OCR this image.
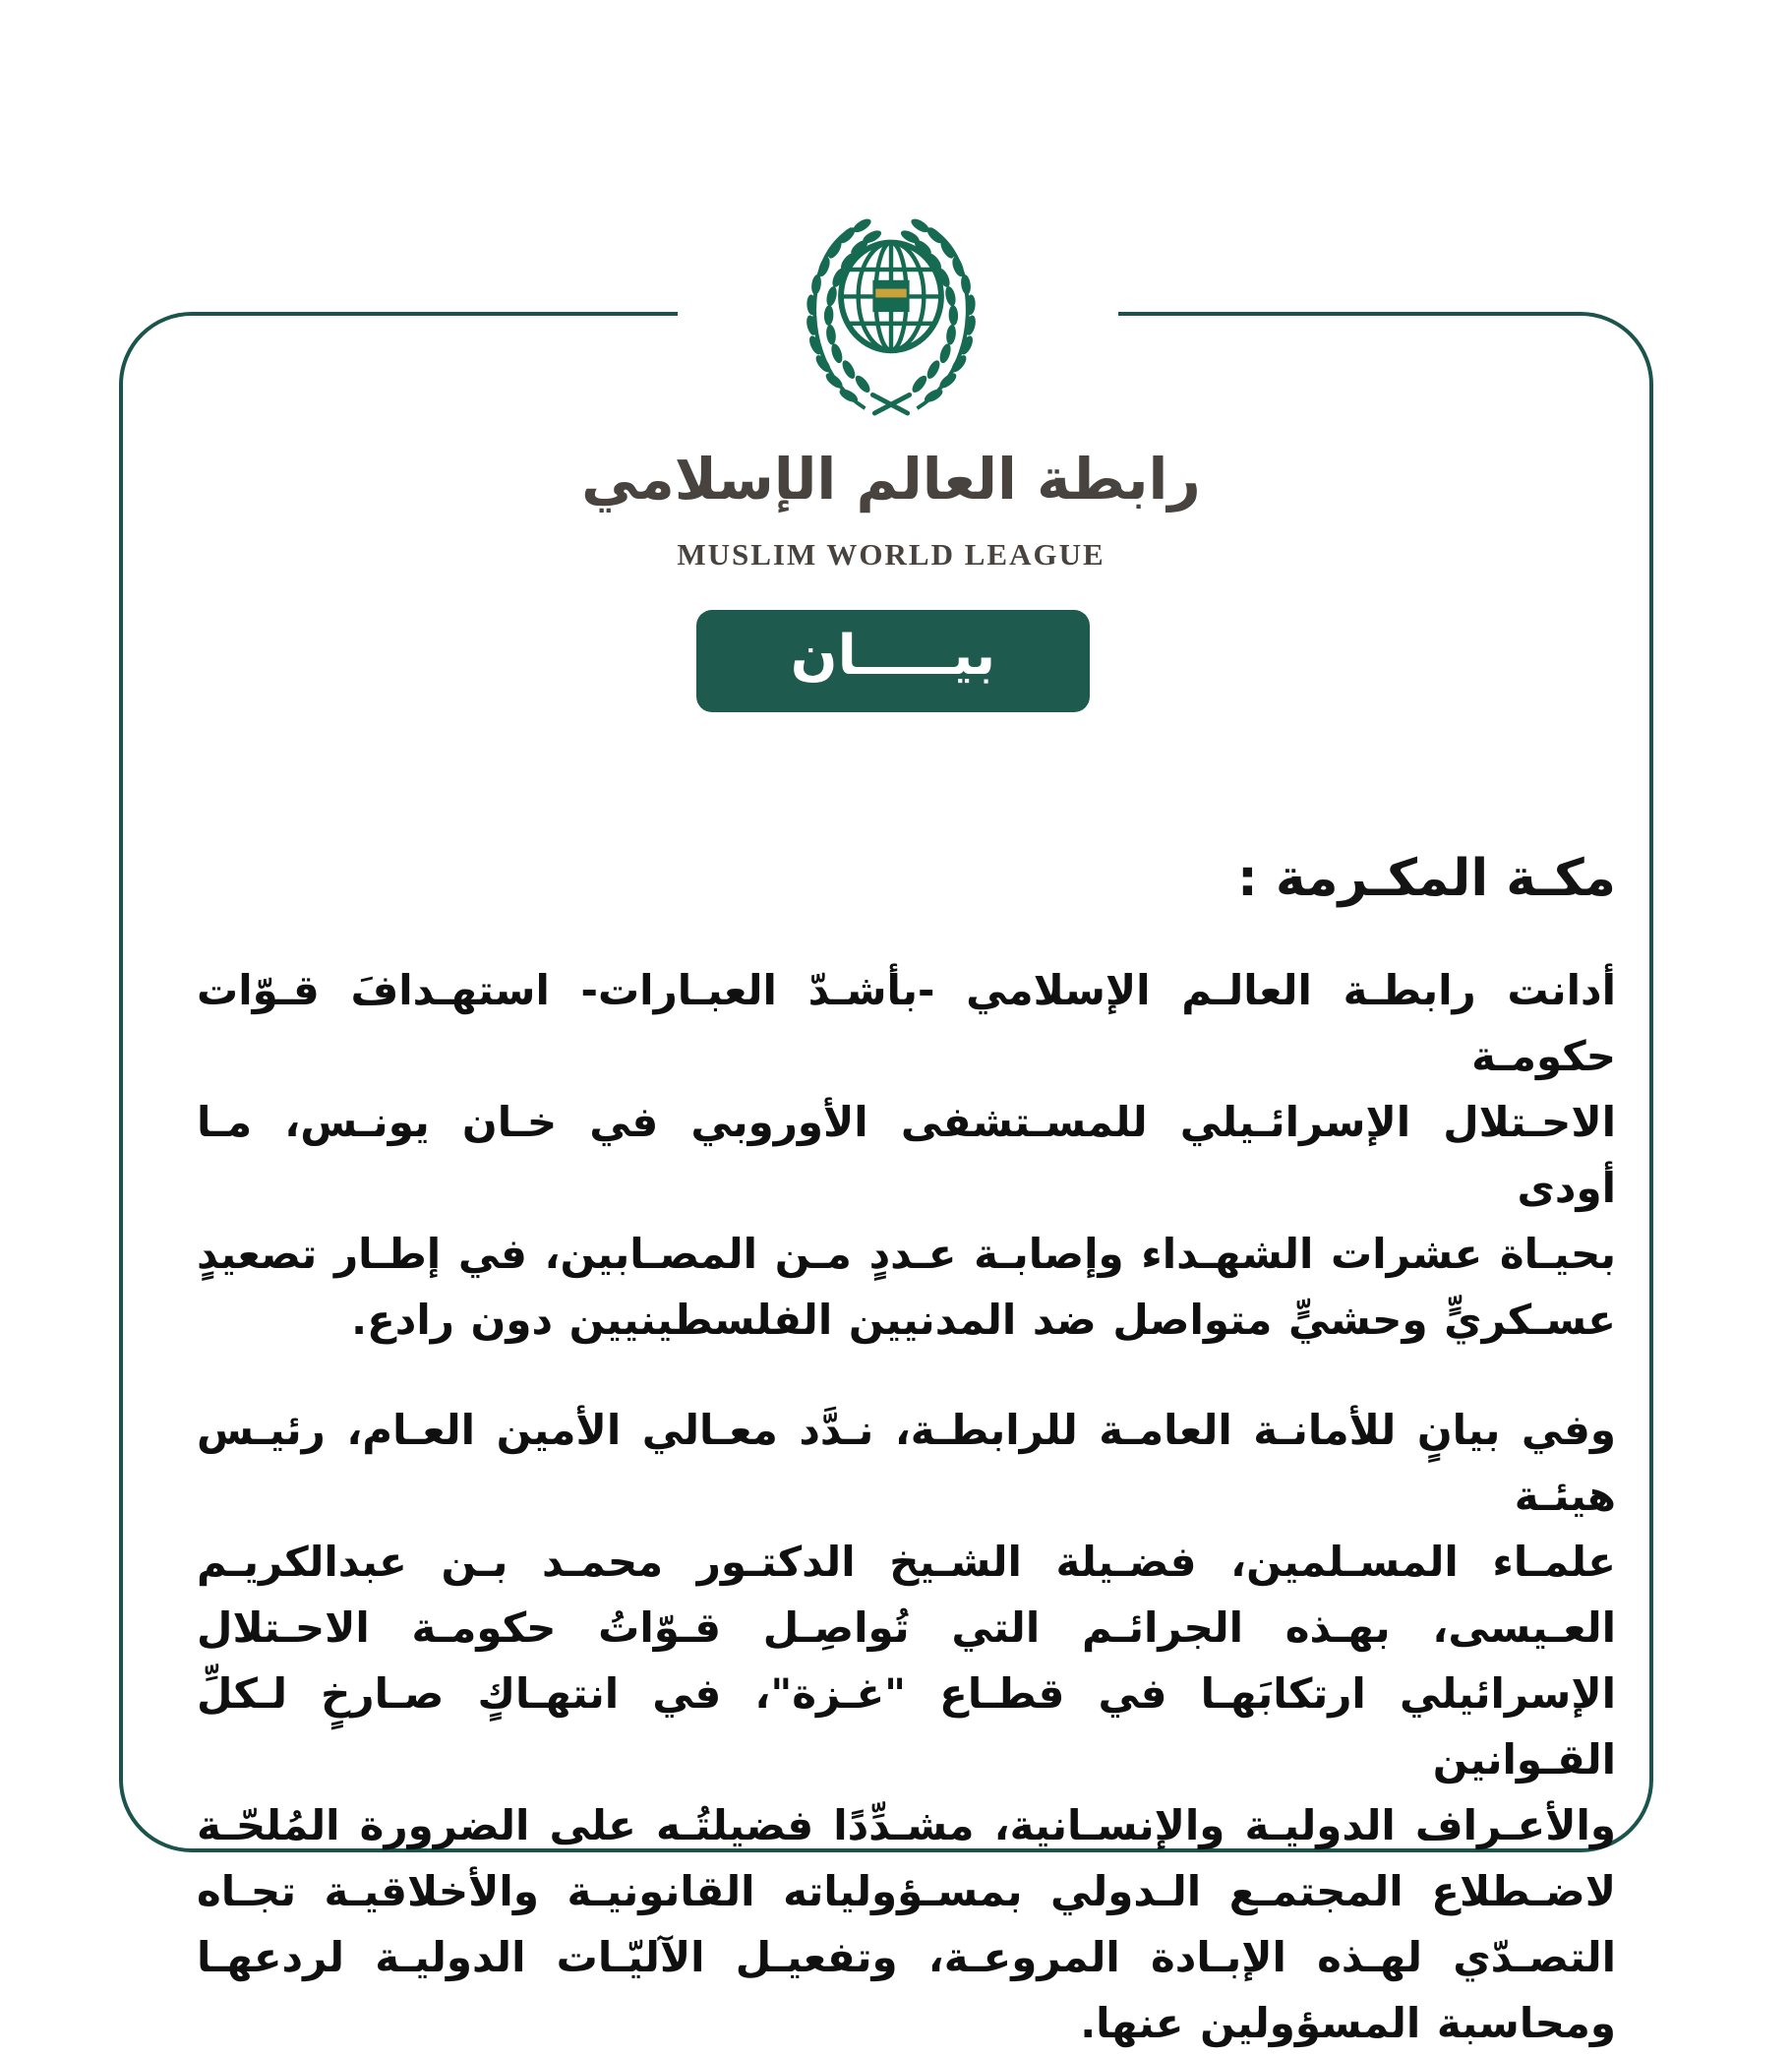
رابطة العالم الإسلامي
MUSLIM WORLD LEAGUE
بيـــــان
مكـة المكـرمة :
أدانت رابطـة العالـم الإسلامي -بأشـدّ العبـارات- استهـدافَ قـوّات حكومـة
الاحـتلال الإسرائـيلي للمسـتشفى الأوروبي في خـان يونـس، مـا أودى
بحيـاة عشرات الشهـداء وإصابـة عـددٍ مـن المصـابين، في إطـار تصعيدٍ
عسـكريٍّ وحشيٍّ متواصل ضد المدنيين الفلسطينيين دون رادع.
وفي بيانٍ للأمانـة العامـة للرابطـة، نـدَّد معـالي الأمين العـام، رئيـس هيئـة
علمـاء المسـلمين، فضـيلة الشـيخ الدكتـور محمـد بـن عبدالكريـم
العـيسى، بهـذه الجرائـم التي تُواصِـل قـوّاتُ حكومـة الاحـتلال
الإسرائيلي ارتكابَهـا في قطـاع "غـزة"، في انتهـاكٍ صـارخٍ لـكلِّ القـوانين
والأعـراف الدوليـة والإنسـانية، مشـدِّدًا فضيلتُـه على الضرورة المُلحّـة
لاضـطلاع المجتمـع الـدولي بمسـؤولياته القانونيـة والأخلاقيـة تجـاه
التصـدّي لهـذه الإبـادة المروعـة، وتفعيـل الآليّـات الدوليـة لردعهـا
ومحاسبة المسؤولين عنها.
